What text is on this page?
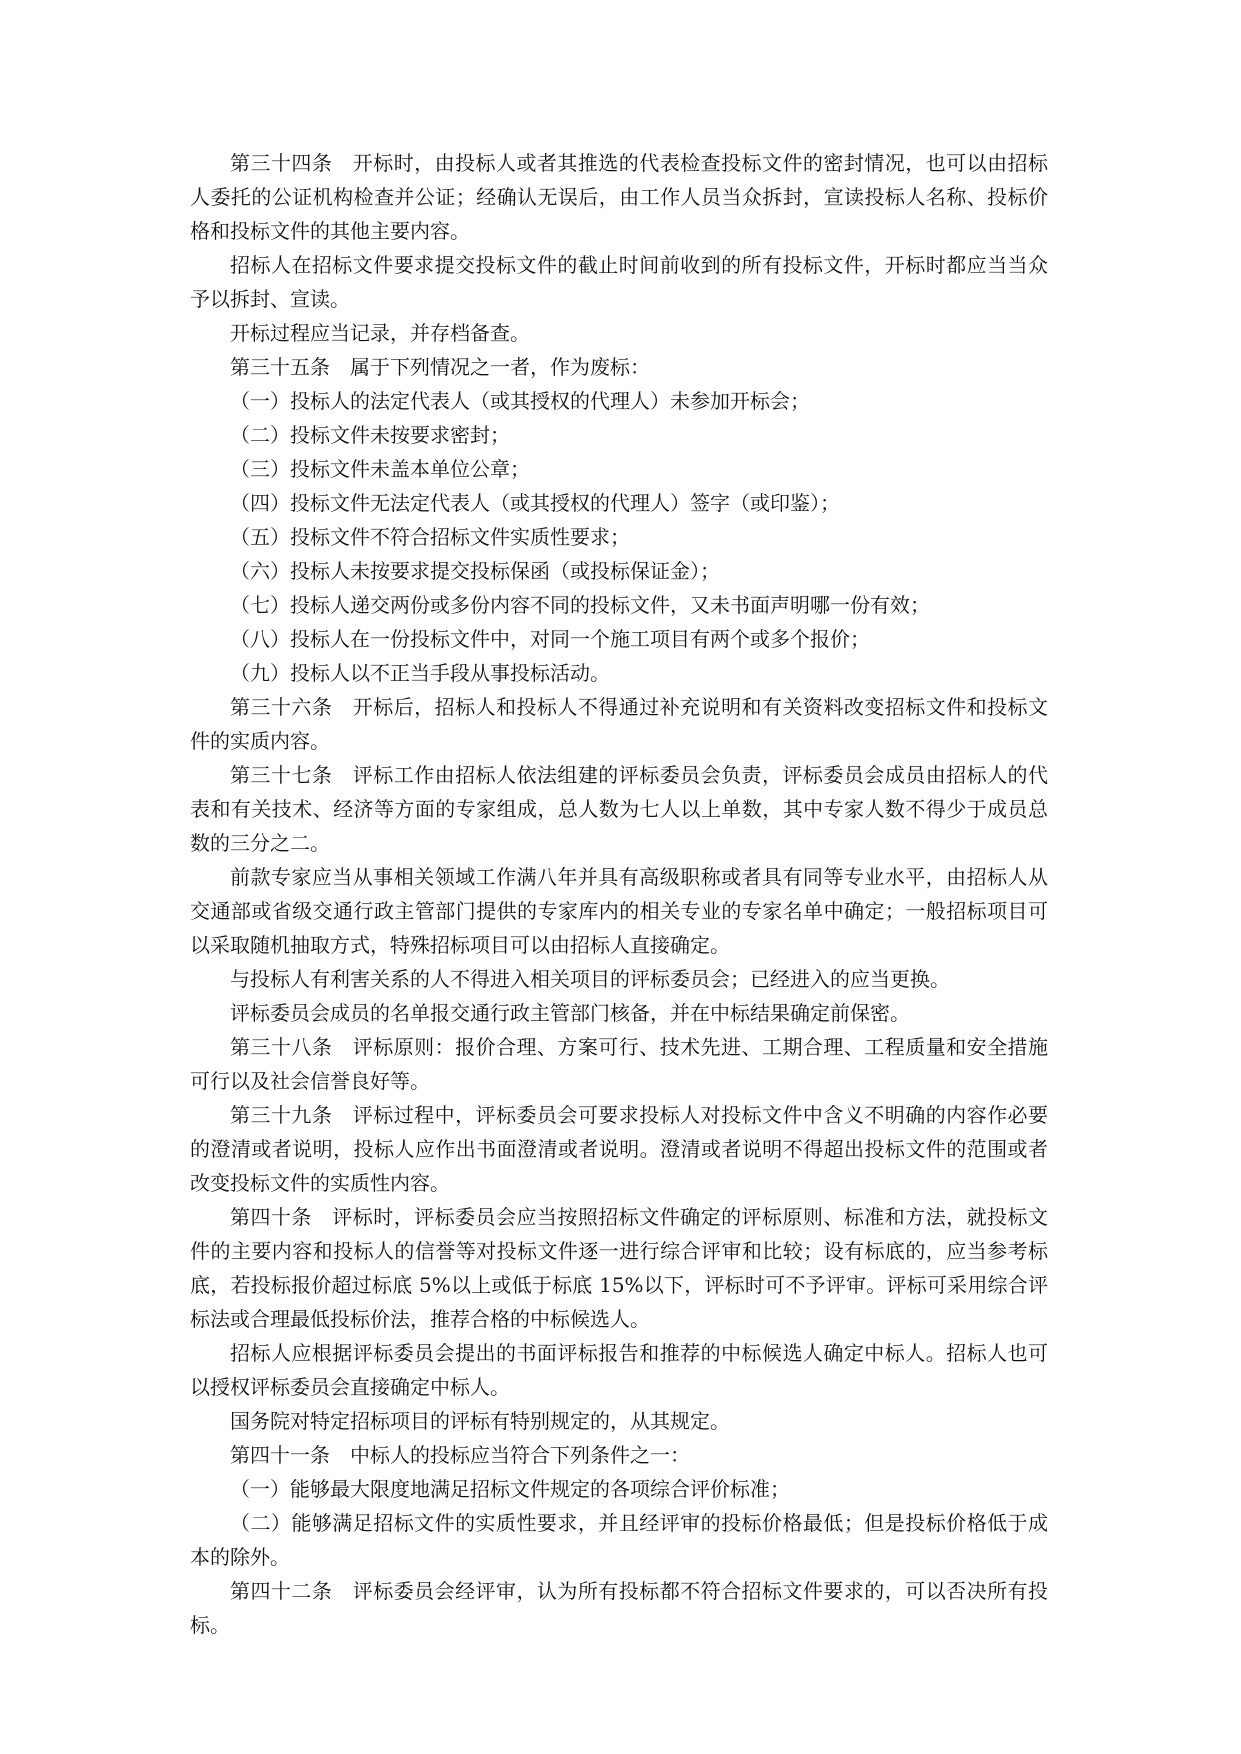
第三十四条　开标时，由投标人或者其推选的代表检查投标文件的密封情况，也可以由招标人委托的公证机构检查并公证；经确认无误后，由工作人员当众拆封，宣读投标人名称、投标价格和投标文件的其他主要内容。

招标人在招标文件要求提交投标文件的截止时间前收到的所有投标文件，开标时都应当当众予以拆封、宣读。

开标过程应当记录，并存档备查。

第三十五条　属于下列情况之一者，作为废标：

（一）投标人的法定代表人（或其授权的代理人）未参加开标会；

（二）投标文件未按要求密封；

（三）投标文件未盖本单位公章；

（四）投标文件无法定代表人（或其授权的代理人）签字（或印鉴）；

（五）投标文件不符合招标文件实质性要求；

（六）投标人未按要求提交投标保函（或投标保证金）；

（七）投标人递交两份或多份内容不同的投标文件，又未书面声明哪一份有效；

（八）投标人在一份投标文件中，对同一个施工项目有两个或多个报价；

（九）投标人以不正当手段从事投标活动。

第三十六条　开标后，招标人和投标人不得通过补充说明和有关资料改变招标文件和投标文件的实质内容。

第三十七条　评标工作由招标人依法组建的评标委员会负责，评标委员会成员由招标人的代表和有关技术、经济等方面的专家组成，总人数为七人以上单数，其中专家人数不得少于成员总数的三分之二。

前款专家应当从事相关领域工作满八年并具有高级职称或者具有同等专业水平，由招标人从交通部或省级交通行政主管部门提供的专家库内的相关专业的专家名单中确定；一般招标项目可以采取随机抽取方式，特殊招标项目可以由招标人直接确定。

与投标人有利害关系的人不得进入相关项目的评标委员会；已经进入的应当更换。

评标委员会成员的名单报交通行政主管部门核备，并在中标结果确定前保密。

第三十八条　评标原则：报价合理、方案可行、技术先进、工期合理、工程质量和安全措施可行以及社会信誉良好等。

第三十九条　评标过程中，评标委员会可要求投标人对投标文件中含义不明确的内容作必要的澄清或者说明，投标人应作出书面澄清或者说明。澄清或者说明不得超出投标文件的范围或者改变投标文件的实质性内容。

第四十条　评标时，评标委员会应当按照招标文件确定的评标原则、标准和方法，就投标文件的主要内容和投标人的信誉等对投标文件逐一进行综合评审和比较；设有标底的，应当参考标底，若投标报价超过标底 5%以上或低于标底 15%以下，评标时可不予评审。评标可采用综合评标法或合理最低投标价法，推荐合格的中标候选人。

招标人应根据评标委员会提出的书面评标报告和推荐的中标候选人确定中标人。招标人也可以授权评标委员会直接确定中标人。

国务院对特定招标项目的评标有特别规定的，从其规定。

第四十一条　中标人的投标应当符合下列条件之一：

（一）能够最大限度地满足招标文件规定的各项综合评价标准；

（二）能够满足招标文件的实质性要求，并且经评审的投标价格最低；但是投标价格低于成本的除外。

第四十二条　评标委员会经评审，认为所有投标都不符合招标文件要求的，可以否决所有投标。
